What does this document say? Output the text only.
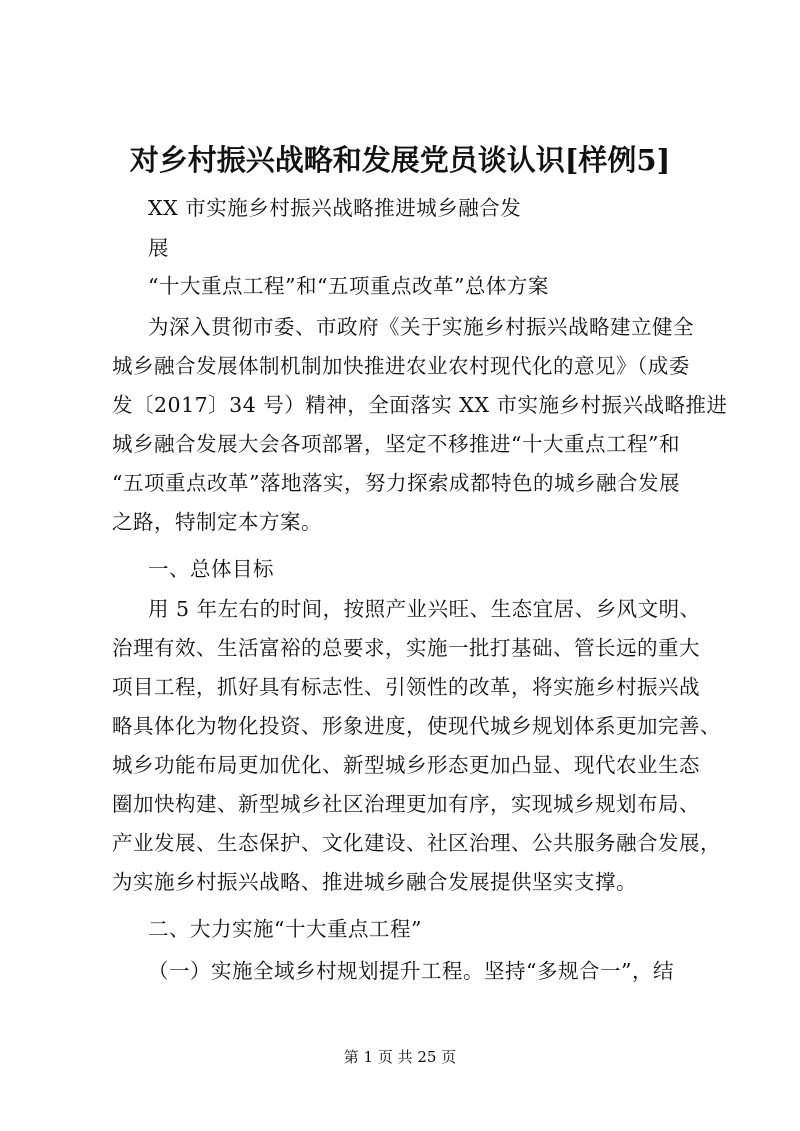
对乡村振兴战略和发展党员谈认识[样例5]
XX 市实施乡村振兴战略推进城乡融合发
展
“十大重点工程”和“五项重点改革”总体方案
为深入贯彻市委、市政府《关于实施乡村振兴战略建立健全
城乡融合发展体制机制加快推进农业农村现代化的意见》（成委
发〔2017〕34 号）精神，全面落实 XX 市实施乡村振兴战略推进
城乡融合发展大会各项部署，坚定不移推进“十大重点工程”和
“五项重点改革”落地落实，努力探索成都特色的城乡融合发展
之路，特制定本方案。
一、总体目标
用 5 年左右的时间，按照产业兴旺、生态宜居、乡风文明、
治理有效、生活富裕的总要求，实施一批打基础、管长远的重大
项目工程，抓好具有标志性、引领性的改革，将实施乡村振兴战
略具体化为物化投资、形象进度，使现代城乡规划体系更加完善、
城乡功能布局更加优化、新型城乡形态更加凸显、现代农业生态
圈加快构建、新型城乡社区治理更加有序，实现城乡规划布局、
产业发展、生态保护、文化建设、社区治理、公共服务融合发展，
为实施乡村振兴战略、推进城乡融合发展提供坚实支撑。
二、大力实施“十大重点工程”
（一）实施全域乡村规划提升工程。坚持“多规合一”，结
第 1 页 共 25 页
